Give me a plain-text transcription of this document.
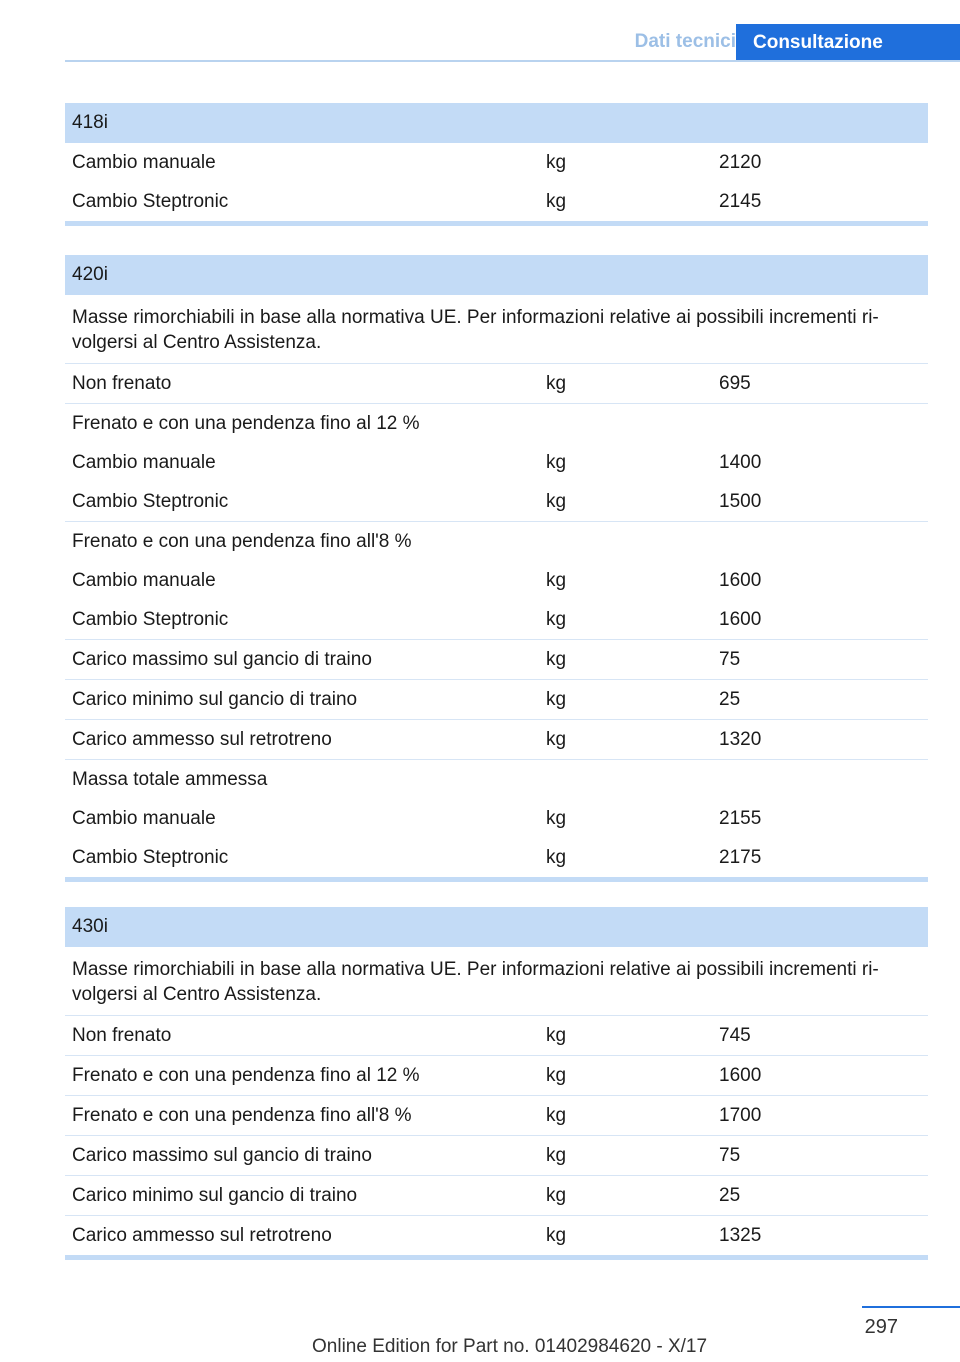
Dati tecnici Consultazione
418i
Cambio manuale	kg	2120
Cambio Steptronic	kg	2145
420i
Masse rimorchiabili in base alla normativa UE. Per informazioni relative ai possibili incrementi ri- volgersi al Centro Assistenza.
Non frenato	kg	695
Frenato e con una pendenza fino al 12 %
Cambio manuale	kg	1400
Cambio Steptronic	kg	1500
Frenato e con una pendenza fino all'8 %
Cambio manuale	kg	1600
Cambio Steptronic	kg	1600
Carico massimo sul gancio di traino	kg	75
Carico minimo sul gancio di traino	kg	25
Carico ammesso sul retrotreno	kg	1320
Massa totale ammessa
Cambio manuale	kg	2155
Cambio Steptronic	kg	2175
430i
Masse rimorchiabili in base alla normativa UE. Per informazioni relative ai possibili incrementi ri- volgersi al Centro Assistenza.
Non frenato	kg	745
Frenato e con una pendenza fino al 12 %	kg	1600
Frenato e con una pendenza fino all'8 %	kg	1700
Carico massimo sul gancio di traino	kg	75
Carico minimo sul gancio di traino	kg	25
Carico ammesso sul retrotreno	kg	1325
297
Online Edition for Part no. 01402984620 - X/17
